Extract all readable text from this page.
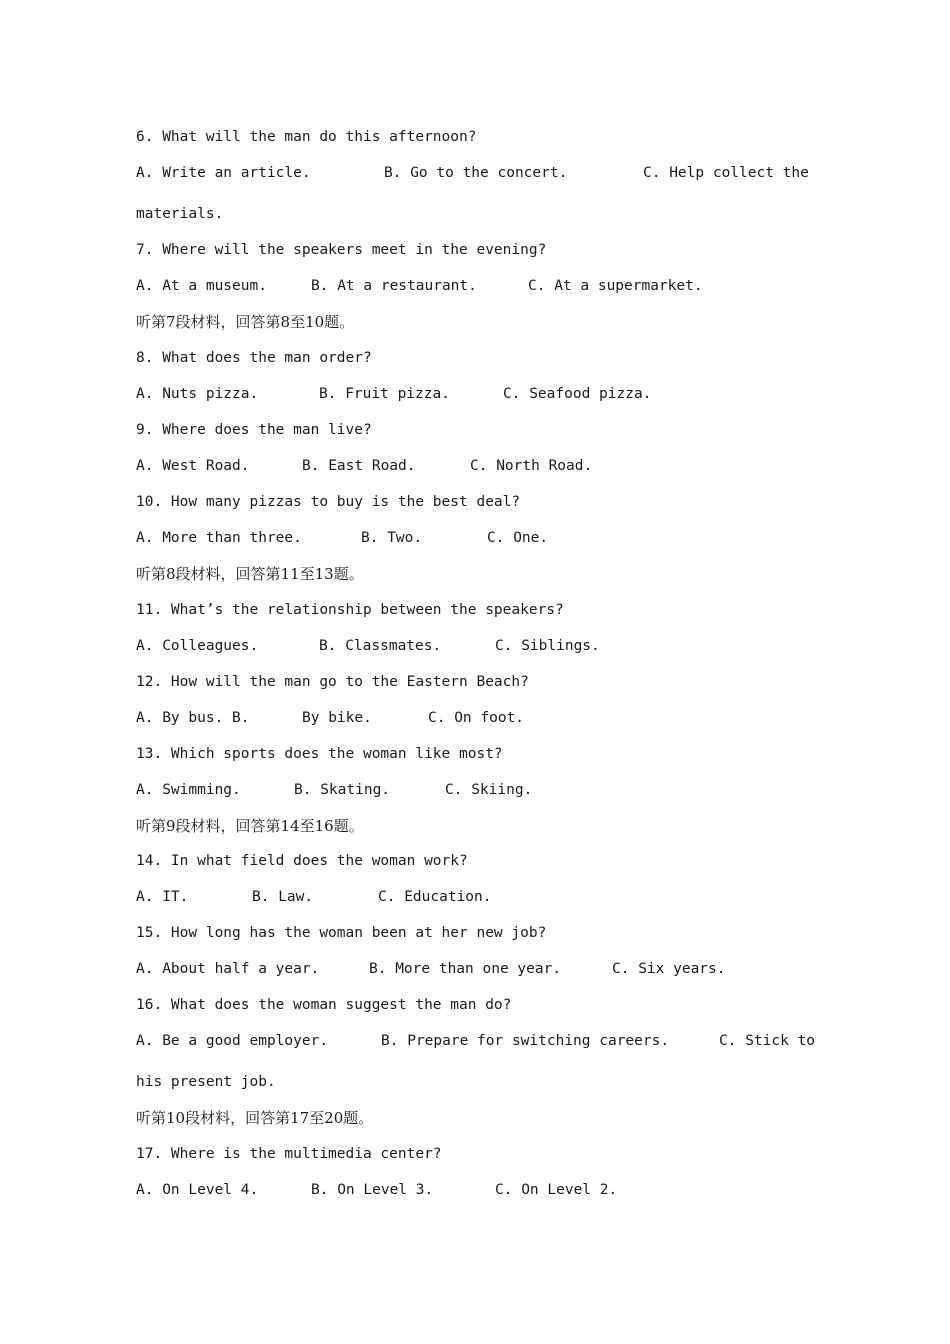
6. What will the man do this afternoon?
A. Write an article.	B. Go to the concert.	C. Help collect the
materials.
7. Where will the speakers meet in the evening?
A. At a museum.	B. At a restaurant.	C. At a supermarket.
听第7段材料，回答第8至10题。
8. What does the man order?
A. Nuts pizza.	B. Fruit pizza.	C. Seafood pizza.
9. Where does the man live?
A. West Road.	B. East Road.	C. North Road.
10. How many pizzas to buy is the best deal?
A. More than three.	B. Two.	C. One.
听第8段材料，回答第11至13题。
11. What’s the relationship between the speakers?
A. Colleagues.	B. Classmates.	C. Siblings.
12. How will the man go to the Eastern Beach?
A. By bus. B.	By bike.	C. On foot.
13. Which sports does the woman like most?
A. Swimming.	B. Skating.	C. Skiing.
听第9段材料，回答第14至16题。
14. In what field does the woman work?
A. IT.	B. Law.	C. Education.
15. How long has the woman been at her new job?
A. About half a year.	B. More than one year.	C. Six years.
16. What does the woman suggest the man do?
A. Be a good employer.	B. Prepare for switching careers.	C. Stick to
his present job.
听第10段材料，回答第17至20题。
17. Where is the multimedia center?
A. On Level 4.	B. On Level 3.	C. On Level 2.
